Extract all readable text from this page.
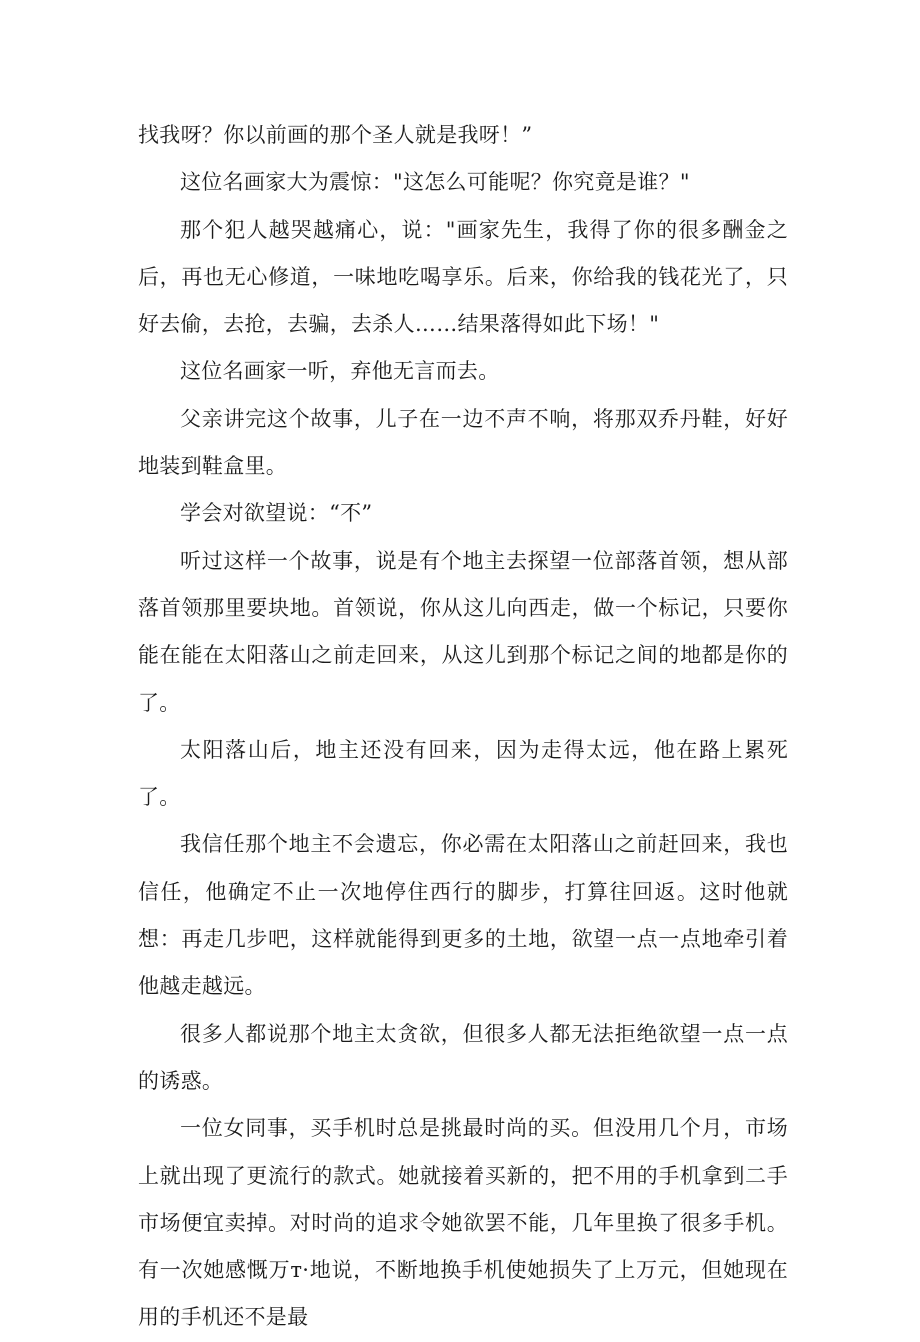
找我呀？你以前画的那个圣人就是我呀！”

这位名画家大为震惊："这怎么可能呢？你究竟是谁？"

那个犯人越哭越痛心，说："画家先生，我得了你的很多酬金之后，再也无心修道，一味地吃喝享乐。后来，你给我的钱花光了，只好去偷，去抢，去骗，去杀人……结果落得如此下场！"

这位名画家一听，弃他无言而去。

父亲讲完这个故事，儿子在一边不声不响，将那双乔丹鞋，好好地装到鞋盒里。

学会对欲望说：“不”

听过这样一个故事，说是有个地主去探望一位部落首领，想从部落首领那里要块地。首领说，你从这儿向西走，做一个标记，只要你能在能在太阳落山之前走回来，从这儿到那个标记之间的地都是你的了。

太阳落山后，地主还没有回来，因为走得太远，他在路上累死了。

我信任那个地主不会遗忘，你必需在太阳落山之前赶回来，我也信任，他确定不止一次地停住西行的脚步，打算往回返。这时他就想：再走几步吧，这样就能得到更多的土地，欲望一点一点地牵引着他越走越远。

很多人都说那个地主太贪欲，但很多人都无法拒绝欲望一点一点的诱惑。

一位女同事，买手机时总是挑最时尚的买。但没用几个月，市场上就出现了更流行的款式。她就接着买新的，把不用的手机拿到二手市场便宜卖掉。对时尚的追求令她欲罢不能，几年里换了很多手机。有一次她感慨万т·地说，不断地换手机使她损失了上万元，但她现在用的手机还不是最
